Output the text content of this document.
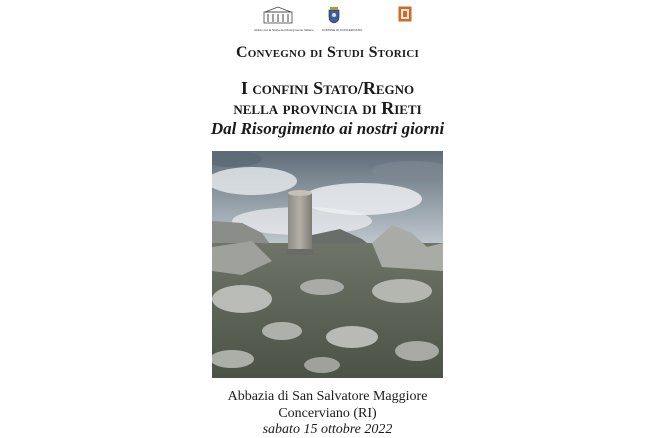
Istituto per la Storia del Risorgimento Italiano	COMUNE DI CONCERVIANO
Convegno di Studi Storici
I confini Stato/Regno
nella provincia di Rieti
Dal Risorgimento ai nostri giorni
Abbazia di San Salvatore Maggiore
Concerviano (RI)
sabato 15 ottobre 2022
